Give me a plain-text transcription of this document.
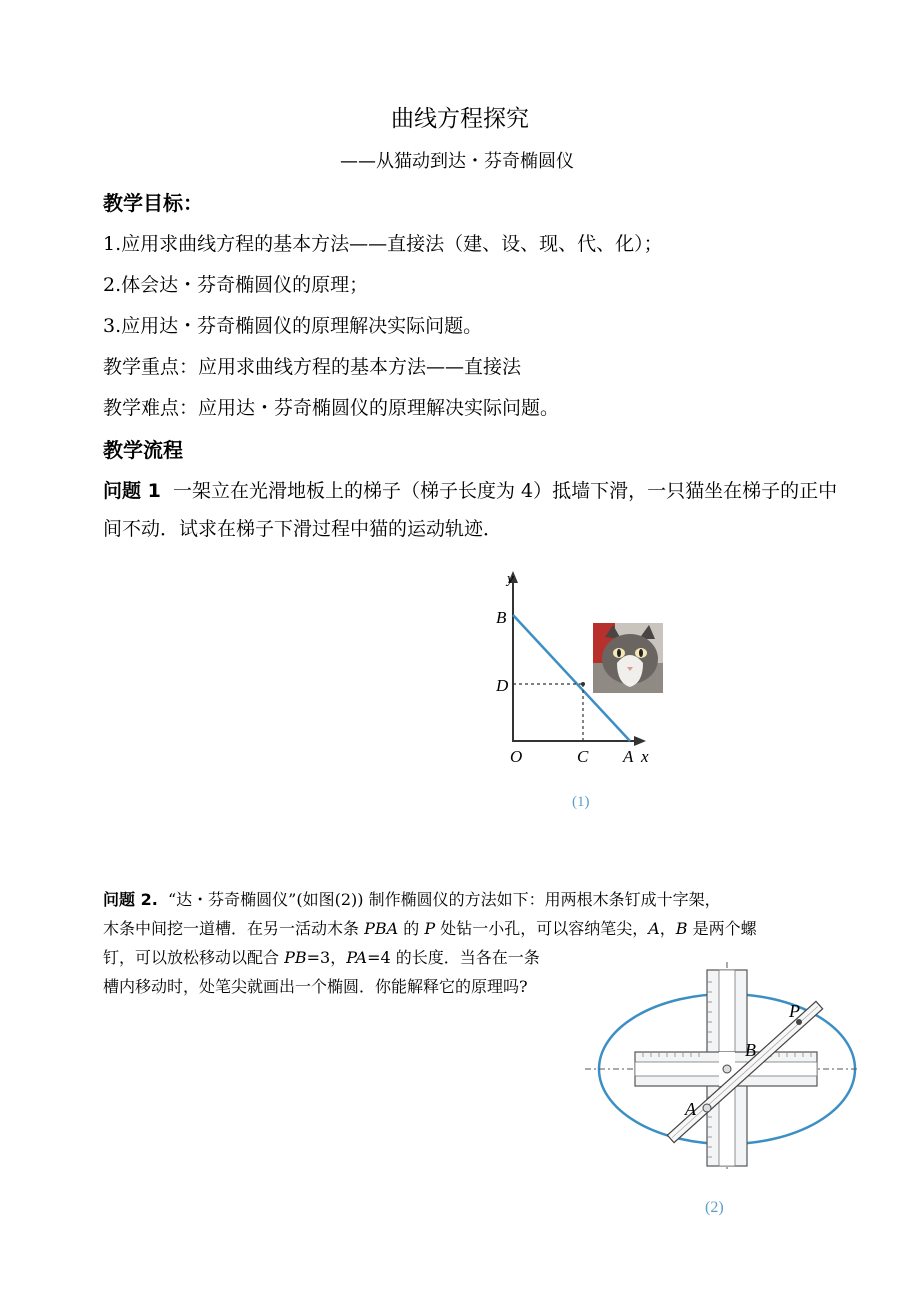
曲线方程探究
——从猫动到达・芬奇椭圆仪
教学目标：
1.应用求曲线方程的基本方法——直接法（建、设、现、代、化）；
2.体会达・芬奇椭圆仪的原理；
3.应用达・芬奇椭圆仪的原理解决实际问题。
教学重点：应用求曲线方程的基本方法——直接法
教学难点：应用达・芬奇椭圆仪的原理解决实际问题。
教学流程
问题 1 一架立在光滑地板上的梯子（梯子长度为 4）抵墙下滑，一只猫坐在梯子的正中间不动．试求在梯子下滑过程中猫的运动轨迹．
y
B
D
O	C A x
(1)
问题 2. “达・芬奇椭圆仪”(如图(2)) 制作椭圆仪的方法如下：用两根木条钉成十字架，
木条中间挖一道槽．在另一活动木条 PBA 的 P 处钻一小孔，可以容纳笔尖，A，B 是两个螺
钉，可以放松移动以配合 PB=3，PA=4 的长度．当各在一条
槽内移动时，处笔尖就画出一个椭圆．你能解释它的原理吗?
P
B
A
(2)
